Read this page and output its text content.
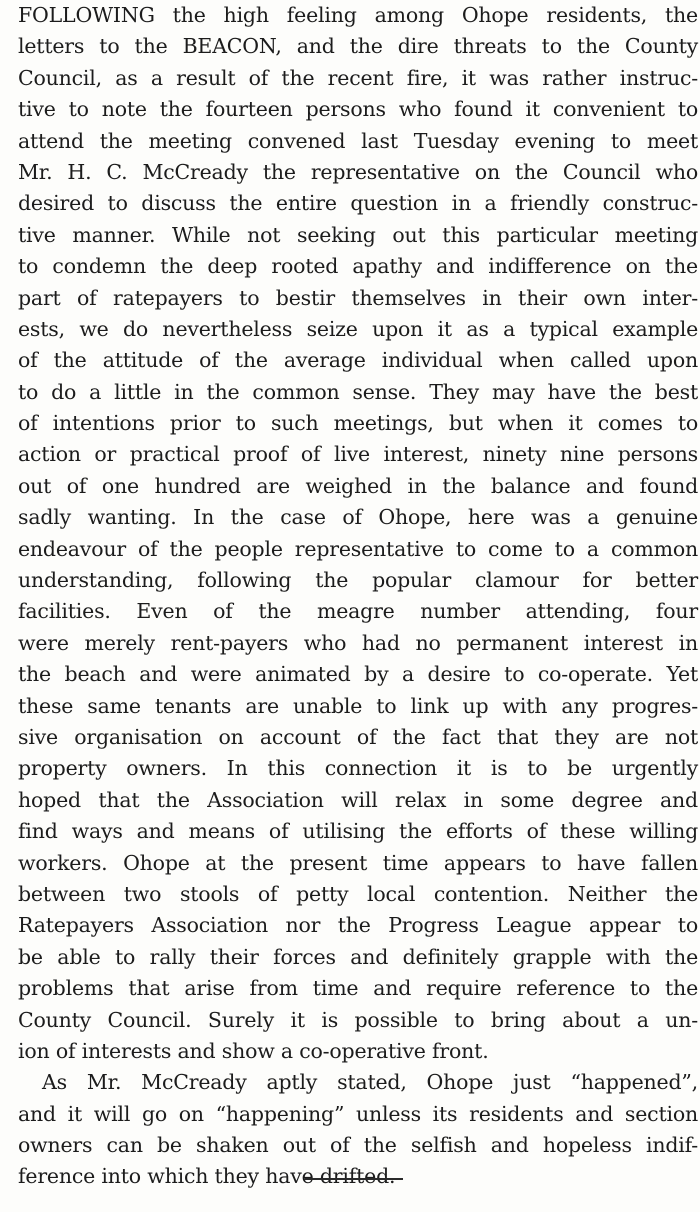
FOLLOWING the high feeling among Ohope residents, the
letters to the BEACON, and the dire threats to the County
Council, as a result of the recent fire, it was rather instruc-
tive to note the fourteen persons who found it convenient to
attend the meeting convened last Tuesday evening to meet
Mr. H. C. McCready the representative on the Council who
desired to discuss the entire question in a friendly construc-
tive manner. While not seeking out this particular meeting
to condemn the deep rooted apathy and indifference on the
part of ratepayers to bestir themselves in their own inter-
ests, we do nevertheless seize upon it as a typical example
of the attitude of the average individual when called upon
to do a little in the common sense. They may have the best
of intentions prior to such meetings, but when it comes to
action or practical proof of live interest, ninety nine persons
out of one hundred are weighed in the balance and found
sadly wanting. In the case of Ohope, here was a genuine
endeavour of the people representative to come to a common
understanding, following the popular clamour for better
facilities. Even of the meagre number attending, four
were merely rent-payers who had no permanent interest in
the beach and were animated by a desire to co-operate. Yet
these same tenants are unable to link up with any progres-
sive organisation on account of the fact that they are not
property owners. In this connection it is to be urgently
hoped that the Association will relax in some degree and
find ways and means of utilising the efforts of these willing
workers. Ohope at the present time appears to have fallen
between two stools of petty local contention. Neither the
Ratepayers Association nor the Progress League appear to
be able to rally their forces and definitely grapple with the
problems that arise from time and require reference to the
County Council. Surely it is possible to bring about a un-
ion of interests and show a co-operative front.
As Mr. McCready aptly stated, Ohope just “happened”,
and it will go on “happening” unless its residents and section
owners can be shaken out of the selfish and hopeless indif-
ference into which they have drifted.
